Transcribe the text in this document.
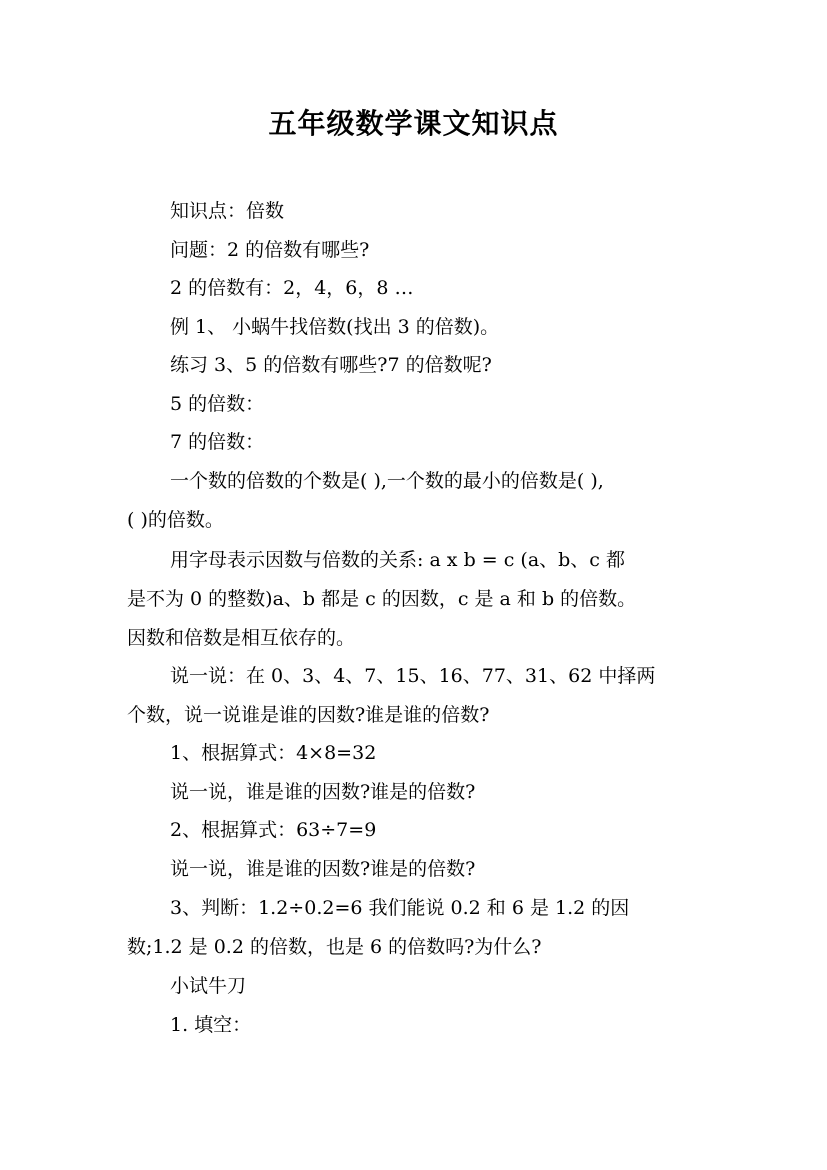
五年级数学课文知识点
知识点：倍数
问题：2 的倍数有哪些?
2 的倍数有：2，4，6，8 …
例 1、 小蜗牛找倍数(找出 3 的倍数)。
练习 3、5 的倍数有哪些?7 的倍数呢?
5 的倍数：
7 的倍数：
一个数的倍数的个数是( ),一个数的最小的倍数是( ),
( )的倍数。
用字母表示因数与倍数的关系: a x b = c (a、b、c 都
是不为 0 的整数)a、b 都是 c 的因数，c 是 a 和 b 的倍数。
因数和倍数是相互依存的。
说一说：在 0、3、4、7、15、16、77、31、62 中择两
个数，说一说谁是谁的因数?谁是谁的倍数?
1、根据算式：4×8=32
说一说，谁是谁的因数?谁是的倍数?
2、根据算式：63÷7=9
说一说，谁是谁的因数?谁是的倍数?
3、判断：1.2÷0.2=6 我们能说 0.2 和 6 是 1.2 的因
数;1.2 是 0.2 的倍数，也是 6 的倍数吗?为什么?
小试牛刀
1. 填空：
